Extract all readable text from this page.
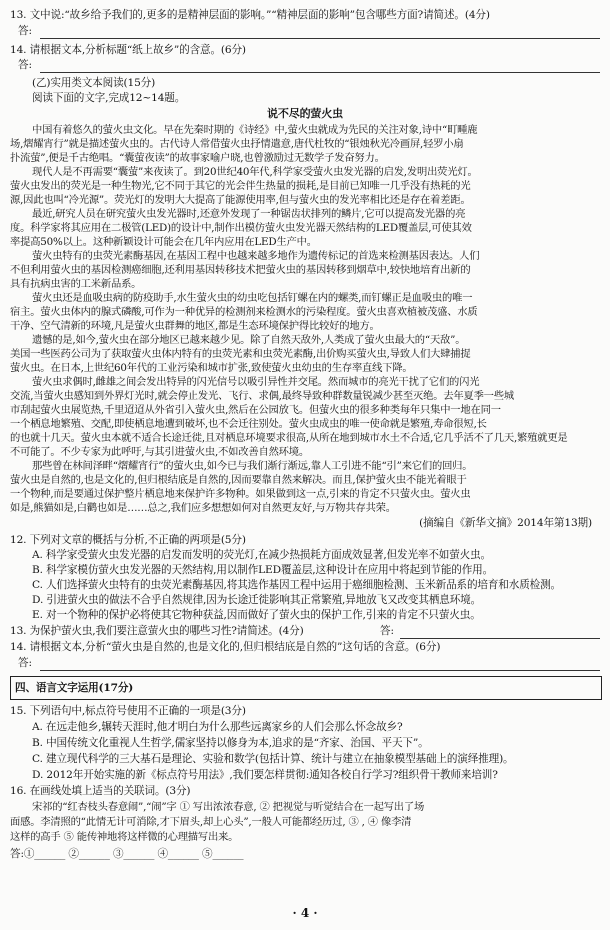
13. 文中说:“故乡给予我们的,更多的是精神层面的影响。”“精神层面的影响”包含哪些方面?请简述。(4分)
答:
14. 请根据文本,分析标题“纸上故乡”的含意。(6分)
答:
(乙)实用类文本阅读(15分)
阅读下面的文字,完成12~14题。
说不尽的萤火虫
中国有着悠久的萤火虫文化。早在先秦时期的《诗经》中,萤火虫就成为先民的关注对象,诗中“町畽鹿
场,熠耀宵行”就是描述萤火虫的。古代诗人常借萤火虫抒情遣意,唐代杜牧的“银烛秋光冷画屏,轻罗小扇
扑流萤”,便是千古绝唱。“囊萤夜读”的故事家喻户晓,也曾激励过无数学子发奋努力。
现代人是不再需要“囊萤”来夜读了。到20世纪40年代,科学家受萤火虫发光器的启发,发明出荧光灯。
萤火虫发出的荧光是一种生物光,它不同于其它的光会伴生热量的损耗,是目前已知唯一几乎没有热耗的光
源,因此也叫“冷光源”。荧光灯的发明大大提高了能源使用率,但与萤火虫的发光率相比还是存在着差距。
最近,研究人员在研究萤火虫发光器时,还意外发现了一种锯齿状排列的鳞片,它可以提高发光器的亮
度。科学家将其应用在二极管(LED)的设计中,制作出模仿萤火虫发光器天然结构的LED覆盖层,可使其效
率提高50%以上。这种新颖设计可能会在几年内应用在LED生产中。
萤火虫特有的虫荧光素酶基因,在基因工程中也越来越多地作为遗传标记的首选来检测基因表达。人们
不但利用萤火虫的基因检测癌细胞,还利用基因转移技术把萤火虫的基因转移到烟草中,较快地培育出新的
具有抗病虫害的工米新品系。
萤火虫还是血吸虫病的防疫助手,水生萤火虫的幼虫吃包括钉螺在内的螺类,而钉螺正是血吸虫的唯一
宿主。萤火虫体内的腺式磷酸,可作为一种优异的检测剂来检测水的污染程度。萤火虫喜欢植被茂盛、水质
干净、空气清新的环境,凡是萤火虫群舞的地区,都是生态环境保护得比较好的地方。
遗憾的是,如今,萤火虫在部分地区已越来越少见。除了自然天敌外,人类成了萤火虫最大的“天敌”。
美国一些医药公司为了获取萤火虫体内特有的虫荧光素和虫荧光素酶,出价购买萤火虫,导致人们大肆捕捉
萤火虫。在日本,上世纪60年代的工业污染和城市扩张,致使萤火虫幼虫的生存率直线下降。
萤火虫求偶时,雌雄之间会发出特异的闪光信号以吸引异性并交尾。然而城市的亮光干扰了它们的闪光
交流,当萤火虫感知到外界灯光时,就会停止发光、飞行、求偶,最终导致种群数量锐减少甚至灭绝。去年夏季一些城
市刮起萤火虫展览热,千里迢迢从外省引入萤火虫,然后在公园放飞。但萤火虫的很多种类每年只集中一地在同一
一个栖息地繁殖、交配,即使栖息地遭到破坏,也不会迁往别处。萤火虫成虫的唯一使命就是繁殖,寿命很短,长
的也就十几天。萤火虫本就不适合长途迁徙,且对栖息环境要求很高,从所在地到城市水土不合适,它几乎活不了几天,繁殖就更是
不可能了。不少专家为此呼吁,与其引进萤火虫,不如改善自然环境。
那些曾在林间泽畔“熠耀宵行”的萤火虫,如今已与我们渐行渐远,靠人工引进不能“引”来它们的回归。
萤火虫是自然的,也是文化的,但归根结底是自然的,因而要靠自然来解决。而且,保护萤火虫不能光着眼于
一个物种,而是要通过保护整片栖息地来保护许多物种。如果做到这一点,引来的肯定不只萤火虫。萤火虫
如是,熊猫如是,白鹳也如是……总之,我们应多想想如何对自然更友好,与万物共存共荣。
(摘编自《新华文摘》2014年第13期)
12. 下列对文章的概括与分析,不正确的两项是(5分)
A. 科学家受萤火虫发光器的启发而发明的荧光灯,在减少热损耗方面成效显著,但发光率不如萤火虫。
B. 科学家模仿萤火虫发光器的天然结构,用以制作LED覆盖层,这种设计在应用中将起到节能的作用。
C. 人们选择萤火虫特有的虫荧光素酶基因,将其选作基因工程中运用于癌细胞检测、玉米新品系的培育和水质检测。
D. 引进萤火虫的做法不合乎自然规律,因为长途迁徙影响其正常繁殖,异地放飞又改变其栖息环境。
E. 对一个物种的保护必将使其它物种获益,因而做好了萤火虫的保护工作,引来的肯定不只萤火虫。
13. 为保护萤火虫,我们要注意萤火虫的哪些习性?请简述。(4分)	答:
14. 请根据文本,分析“萤火虫是自然的,也是文化的,但归根结底是自然的”这句话的含意。(6分)
答:
四、语言文字运用(17分)
15. 下列语句中,标点符号使用不正确的一项是(3分)
A. 在远走他乡,辗转天涯时,他才明白为什么那些远离家乡的人们会那么怀念故乡?
B. 中国传统文化重视人生哲学,儒家坚持以修身为本,追求的是“齐家、治国、平天下”。
C. 建立现代科学的三大基石是理论、实验和数学(包括计算、统计与建立在抽象模型基础上的演绎推理)。
D. 2012年开始实施的新《标点符号用法》,我们要怎样贯彻:通知各校自行学习?组织骨干教师来培训?
16. 在画线处填上适当的关联词。(3分)
宋祁的“红杏枝头春意闹”,“闹”字 ① 写出浓浓春意, ② 把视觉与听觉结合在一起写出了场
面感。李清照的“此情无计可消除,才下眉头,却上心头”,一般人可能都经历过, ③ , ④ 像李清
这样的高手 ⑤ 能传神地将这样微的心理描写出来。
答:①______ ②______ ③______ ④______ ⑤______
· 4 ·
